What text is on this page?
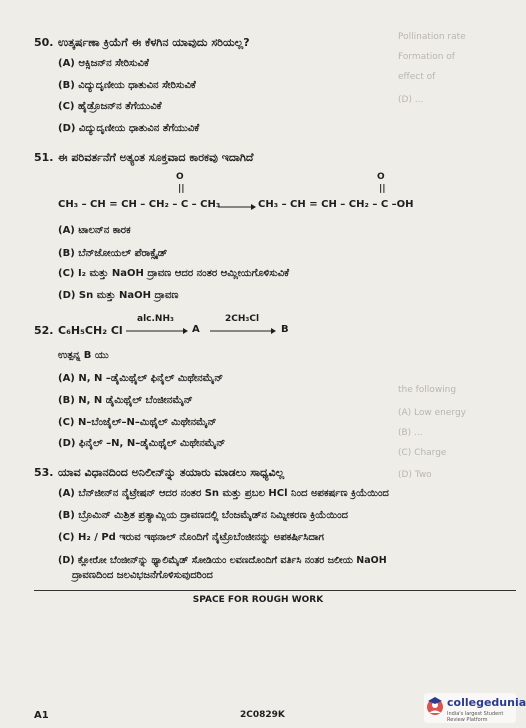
Pollination rate
Formation of
effect of
(D) ...
the following
(A) Low energy
(B) ...
(C) Charge
(D) Two
50. ಉತ್ಕರ್ಷಣಾ ಕ್ರಿಯೆಗೆ ಈ ಕೆಳಗಿನ ಯಾವುದು ಸರಿಯಲ್ಲ?
(A) ಆಕ್ಸಿಜನ್‌ನ ಸೇರಿಸುವಿಕೆ
(B) ವಿದ್ಯುದೃಣೀಯ ಧಾತುವಿನ ಸೇರಿಸುವಿಕೆ
(C) ಹೈಡ್ರೊಜನ್‌ನ ತೆಗೆಯುವಿಕೆ
(D) ವಿದ್ಯುದೃಣೀಯ ಧಾತುವಿನ ತೆಗೆಯುವಿಕೆ
51. ಈ ಪರಿವರ್ತನೆಗೆ ಅತ್ಯಂತ ಸೂಕ್ತವಾದ ಕಾರಕವು ಇದಾಗಿದೆ
O
||
O
||
CH₃ – CH = CH – CH₂ – C – CH₃ → CH₃ – CH = CH – CH₂ – C –OH
(A) ಟಾಲನ್‌ನ ಕಾರಕ
(B) ಬೆನ್‌ಜೋಯಲ್ ಪೆರಾಕ್ಸೈಡ್
(C) I₂ ಮತ್ತು NaOH ದ್ರಾವಣ ಆದರ ನಂತರ ಆಮ್ಲೀಯಗೊಳಿಸುವಿಕೆ
(D) Sn ಮತ್ತು NaOH ದ್ರಾವಣ
52. C₆H₅CH₂ Cl
alc.NH₃
→ A
2CH₃Cl
B
ಉತ್ಪನ್ನ B ಯು
(A) N, N –ಡೈಮಿಥೈಲ್ ಫಿನೈಲ್ ಮಿಥೇನಮೈನ್
(B) N, N ಡೈಮಿಥೈಲ್ ಬೆಂಜೀನಮೈನ್
(C) N–ಬೆಂಜೈಲ್–N–ಮಿಥೈಲ್ ಮಿಥೇನಮೈನ್
(D) ಫಿನೈಲ್ –N, N–ಡೈಮಿಥೈಲ್ ಮಿಥೇನಮೈನ್
53. ಯಾವ ವಿಧಾನದಿಂದ ಅನಿಲೀನ್‌ನ್ನು ತಯಾರು ಮಾಡಲು ಸಾಧ್ಯವಿಲ್ಲ
(A) ಬೆನ್‌ಜೀನ್‌ನ ನೈಟ್ರೇಷನ್ ಆದರ ನಂತರ Sn ಮತ್ತು ಪ್ರಬಲ HCl ನಿಂದ ಅಪಕರ್ಷಣ ಕ್ರಿಯೆಯಿಂದ
(B) ಬ್ರೊಮಿನ್ ಮಿಶ್ರಿತ ಪ್ರತ್ಯಾಮ್ಲಿಯ ದ್ರಾವಣದಲ್ಲಿ ಬೆಂಜಮೈಡ್‌ನ ನಿಮ್ನೀಕರಣ ಕ್ರಿಯೆಯಿಂದ
(C) H₂ / Pd ಇರುವ ಇಥನಾಲ್ ನೊಂದಿಗೆ ನೈಟ್ರೊಬೆಂಜೀನನ್ನು ಅಪಕರ್ಷಿಸಿದಾಗ
(D) ಕ್ಲೋರೋ ಬೆಂಜೀನ್‌ನ್ನು ಥ್ಯಾಲಿಮೈಡ್ ಸೋಡಿಯಂ ಲವಣದೊಂದಿಗೆ ವರ್ತಿಸಿ ನಂತರ ಜಲೀಯ NaOH
ದ್ರಾವಣದಿಂದ ಜಲವಿಭಜನೆಗೊಳಿಸುವುದರಿಂದ
SPACE FOR ROUGH WORK
A1	2C0829K
collegedunia
India's largest Student Review Platform
